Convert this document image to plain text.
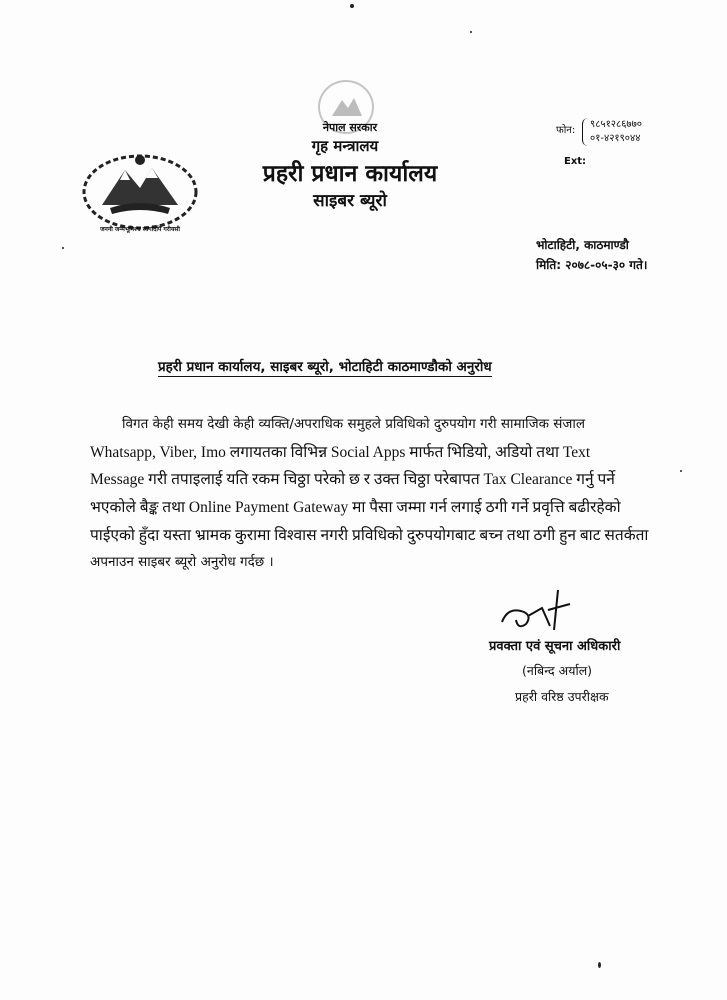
जननी जन्मभूमिश्च स्वर्गादपि गरीयसी
नेपाल सरकार
गृह मन्त्रालय
प्रहरी प्रधान कार्यालय
साइबर ब्यूरो
फोन:
९८५१२८६७७०
०१-४२१९०४४
Ext:
भोटाहिटी, काठमाण्डौ
मिति: २०७८-०५-३० गते।
प्रहरी प्रधान कार्यालय, साइबर ब्यूरो, भोटाहिटी काठमाण्डौको अनुरोध
विगत केही समय देखी केही व्यक्ति/अपराधिक समुहले प्रविधिको दुरुपयोग गरी सामाजिक संजाल
Whatsapp, Viber, Imo लगायतका विभिन्न Social Apps मार्फत भिडियो, अडियो तथा Text
Message गरी तपाइलाई यति रकम चिठ्ठा परेको छ र उक्त चिठ्ठा परेबापत Tax Clearance गर्नु पर्ने
भएकोले बैङ्क तथा Online Payment Gateway मा पैसा जम्मा गर्न लगाई ठगी गर्ने प्रवृत्ति बढीरहेको
पाईएको हुँदा यस्ता भ्रामक कुरामा विश्वास नगरी प्रविधिको दुरुपयोगबाट बच्न तथा ठगी हुन बाट सतर्कता
अपनाउन साइबर ब्यूरो अनुरोध गर्दछ ।
प्रवक्ता एवं सूचना अधिकारी
(नबिन्द अर्याल)
प्रहरी वरिष्ठ उपरीक्षक
